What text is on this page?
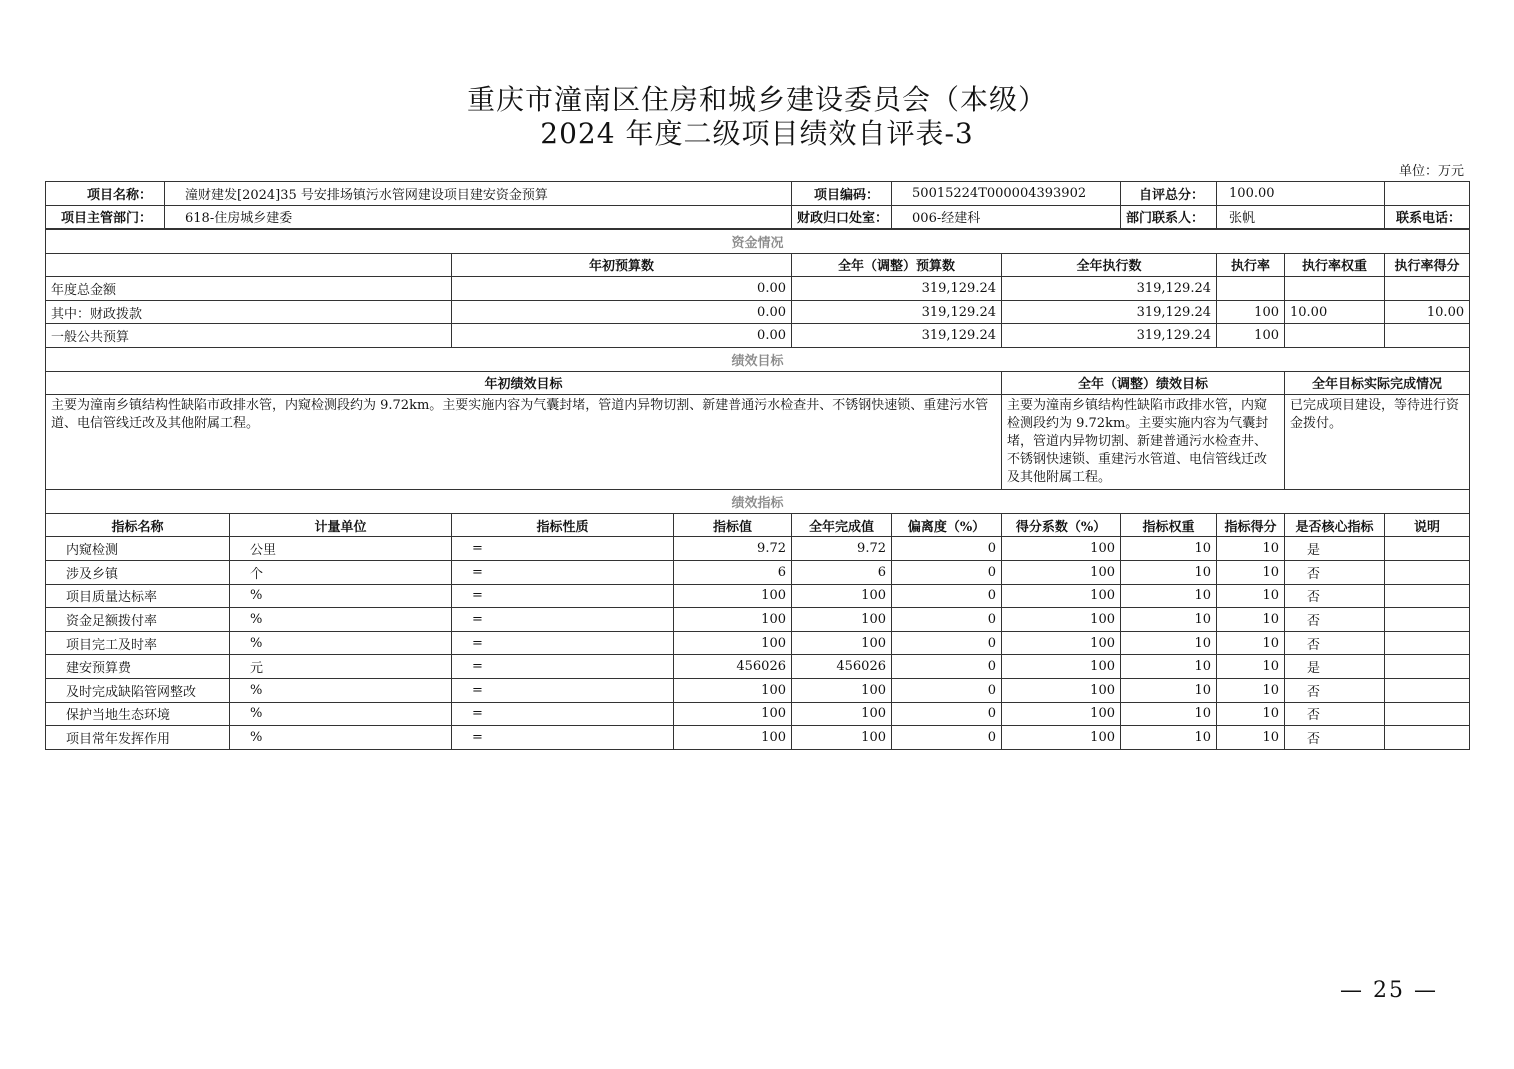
重庆市潼南区住房和城乡建设委员会（本级）
2024 年度二级项目绩效自评表-3
单位：万元
项目名称：	潼财建发[2024]35 号安排场镇污水管网建设项目建安资金预算	项目编码：	50015224T000004393902	自评总分：	100.00	
项目主管部门：	618-住房城乡建委	财政归口处室：	006-经建科	部门联系人：	张帆	联系电话：
资金情况										
		年初预算数		全年（调整）预算数		全年执行数		执行率	执行率权重	执行率得分
年度总金额		0.00		319,129.24		319,129.24				
其中：财政拨款		0.00		319,129.24		319,129.24		100	10.00	10.00
一般公共预算		0.00		319,129.24		319,129.24		100		
绩效目标										
年初绩效目标						全年（调整）绩效目标			全年目标实际完成情况	
主要为潼南乡镇结构性缺陷市政排水管，内窥检测段约为 9.72km。主要实施内容为气囊封堵，管道内异物切割、新建普通污水检查井、不锈钢快速锁、重建污水管道、电信管线迁改及其他附属工程。						主要为潼南乡镇结构性缺陷市政排水管，内窥检测段约为 9.72km。主要实施内容为气囊封堵，管道内异物切割、新建普通污水检查井、不锈钢快速锁、重建污水管道、电信管线迁改及其他附属工程。			已完成项目建设，等待进行资金拨付。	
绩效指标										
指标名称	计量单位	指标性质	指标值	全年完成值	偏离度（%）	得分系数（%）	指标权重	指标得分	是否核心指标	说明
内窥检测	公里	=	9.72	9.72	0	100	10	10	是	
涉及乡镇	个	=	6	6	0	100	10	10	否	
项目质量达标率	%	=	100	100	0	100	10	10	否	
资金足额拨付率	%	=	100	100	0	100	10	10	否	
项目完工及时率	%	=	100	100	0	100	10	10	否	
建安预算费	元	=	456026	456026	0	100	10	10	是	
及时完成缺陷管网整改	%	=	100	100	0	100	10	10	否	
保护当地生态环境	%	=	100	100	0	100	10	10	否	
项目常年发挥作用	%	=	100	100	0	100	10	10	否	
— 25 —
